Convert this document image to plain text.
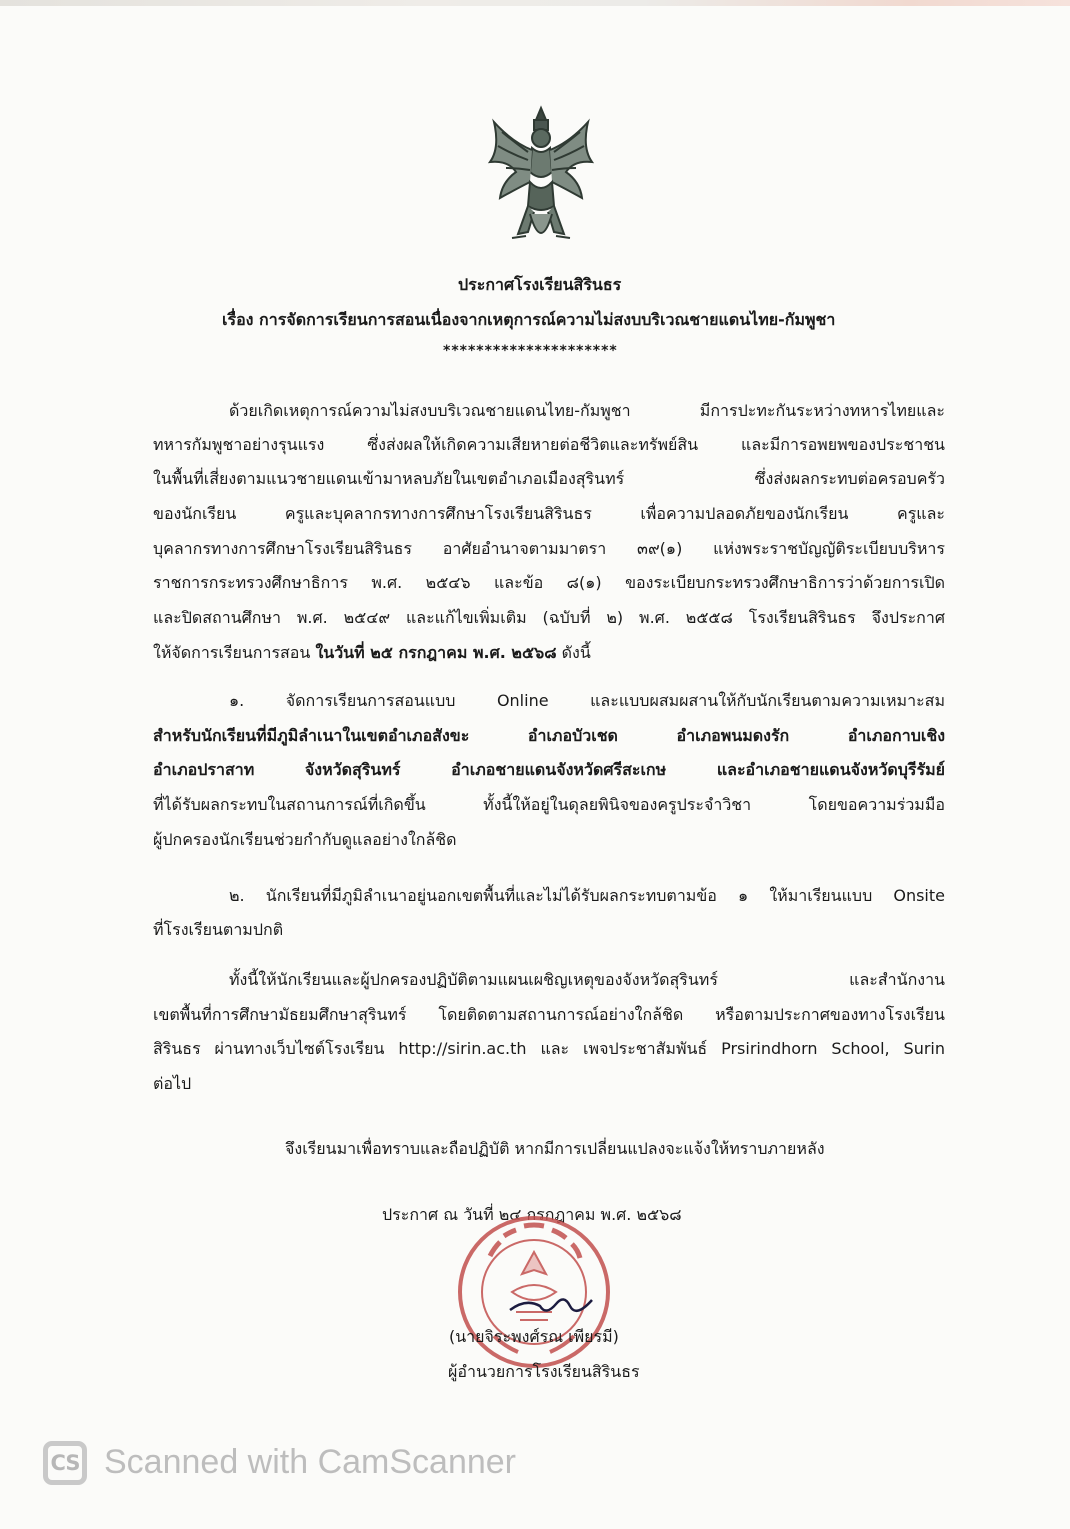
ประกาศโรงเรียนสิรินธร

เรื่อง การจัดการเรียนการสอนเนื่องจากเหตุการณ์ความไม่สงบบริเวณชายแดนไทย-กัมพูชา

*********************

ด้วยเกิดเหตุการณ์ความไม่สงบบริเวณชายแดนไทย-กัมพูชา มีการปะทะกันระหว่างทหารไทยและ

ทหารกัมพูชาอย่างรุนแรง ซึ่งส่งผลให้เกิดความเสียหายต่อชีวิตและทรัพย์สิน และมีการอพยพของประชาชน

ในพื้นที่เสี่ยงตามแนวชายแดนเข้ามาหลบภัยในเขตอำเภอเมืองสุรินทร์ ซึ่งส่งผลกระทบต่อครอบครัว

ของนักเรียน ครูและบุคลากรทางการศึกษาโรงเรียนสิรินธร เพื่อความปลอดภัยของนักเรียน ครูและ

บุคลากรทางการศึกษาโรงเรียนสิรินธร อาศัยอำนาจตามมาตรา ๓๙(๑) แห่งพระราชบัญญัติระเบียบบริหาร

ราชการกระทรวงศึกษาธิการ พ.ศ. ๒๕๔๖ และข้อ ๘(๑) ของระเบียบกระทรวงศึกษาธิการว่าด้วยการเปิด

และปิดสถานศึกษา พ.ศ. ๒๕๔๙ และแก้ไขเพิ่มเติม (ฉบับที่ ๒) พ.ศ. ๒๕๕๘ โรงเรียนสิรินธร จึงประกาศ

ให้จัดการเรียนการสอน ในวันที่ ๒๕ กรกฎาคม พ.ศ. ๒๕๖๘ ดังนี้

๑. จัดการเรียนการสอนแบบ Online และแบบผสมผสานให้กับนักเรียนตามความเหมาะสม

สำหรับนักเรียนที่มีภูมิลำเนาในเขตอำเภอสังขะ อำเภอบัวเชด อำเภอพนมดงรัก อำเภอกาบเชิง

อำเภอปราสาท จังหวัดสุรินทร์ อำเภอชายแดนจังหวัดศรีสะเกษ และอำเภอชายแดนจังหวัดบุรีรัมย์

ที่ได้รับผลกระทบในสถานการณ์ที่เกิดขึ้น ทั้งนี้ให้อยู่ในดุลยพินิจของครูประจำวิชา โดยขอความร่วมมือ

ผู้ปกครองนักเรียนช่วยกำกับดูแลอย่างใกล้ชิด

๒. นักเรียนที่มีภูมิลำเนาอยู่นอกเขตพื้นที่และไม่ได้รับผลกระทบตามข้อ ๑ ให้มาเรียนแบบ Onsite

ที่โรงเรียนตามปกติ

ทั้งนี้ให้นักเรียนและผู้ปกครองปฏิบัติตามแผนเผชิญเหตุของจังหวัดสุรินทร์ และสำนักงาน

เขตพื้นที่การศึกษามัธยมศึกษาสุรินทร์ โดยติดตามสถานการณ์อย่างใกล้ชิด หรือตามประกาศของทางโรงเรียน

สิรินธร ผ่านทางเว็บไซต์โรงเรียน http://sirin.ac.th และ เพจประชาสัมพันธ์ Prsirindhorn School, Surin

ต่อไป

จึงเรียนมาเพื่อทราบและถือปฏิบัติ หากมีการเปลี่ยนแปลงจะแจ้งให้ทราบภายหลัง

ประกาศ ณ วันที่ ๒๔ กรกฎาคม พ.ศ. ๒๕๖๘

(นายจิระพงศ์รณ เพียรมี)

ผู้อำนวยการโรงเรียนสิรินธร

CS Scanned with CamScanner
